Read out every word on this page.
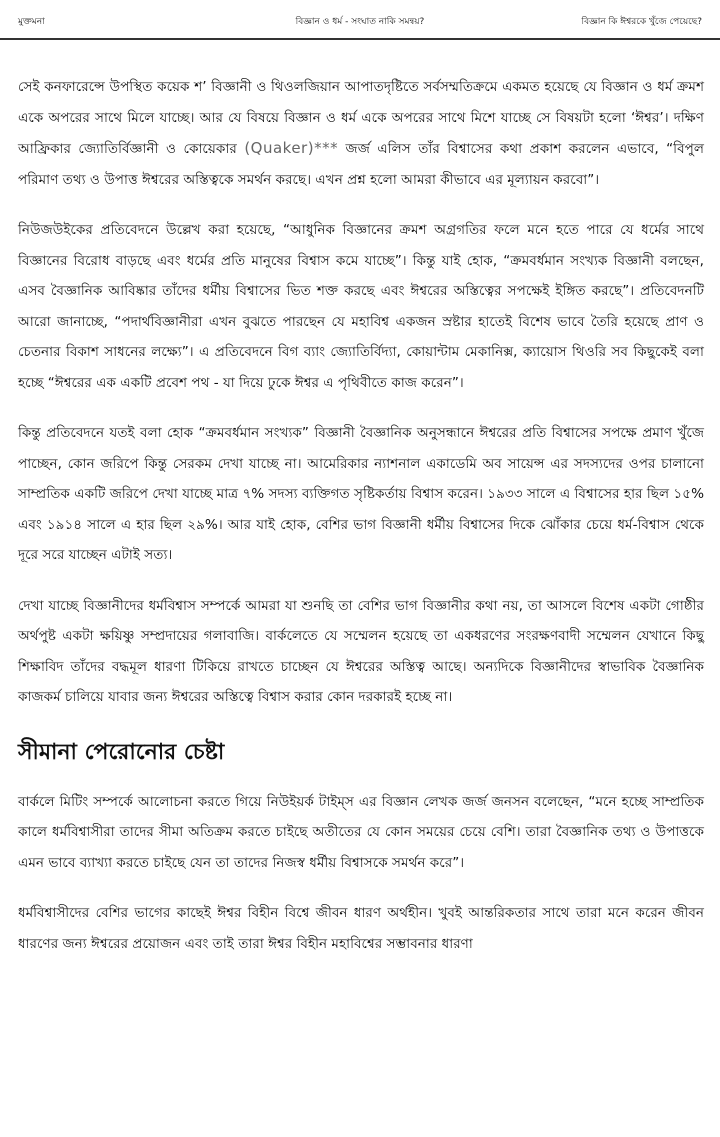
মুক্তমনা	বিজ্ঞান ও ধর্ম - সংঘাত নাকি সমন্বয়?	বিজ্ঞান কি ঈশ্বরকে খুঁজে পেয়েছে?

সেই কনফারেন্সে উপস্থিত কয়েক শ’ বিজ্ঞানী ও থিওলজিয়ান আপাতদৃষ্টিতে সর্বসম্মতিক্রমে একমত হয়েছে যে বিজ্ঞান ও ধর্ম ক্রমশ একে অপরের সাথে মিলে যাচ্ছে। আর যে বিষয়ে বিজ্ঞান ও ধর্ম একে অপরের সাথে মিশে যাচ্ছে সে বিষয়টা হলো ‘ঈশ্বর’। দক্ষিণ আফ্রিকার জ্যোতির্বিজ্ঞানী ও কোয়েকার (Quaker)*** জর্জ এলিস তাঁর বিশ্বাসের কথা প্রকাশ করলেন এভাবে, “বিপুল পরিমাণ তথ্য ও উপাত্ত ঈশ্বরের অস্তিত্বকে সমর্থন করছে। এখন প্রশ্ন হলো আমরা কীভাবে এর মূল্যায়ন করবো”।

নিউজউইকের প্রতিবেদনে উল্লেখ করা হয়েছে, “আধুনিক বিজ্ঞানের ক্রমশ অগ্রগতির ফলে মনে হতে পারে যে ধর্মের সাথে বিজ্ঞানের বিরোধ বাড়ছে এবং ধর্মের প্রতি মানুষের বিশ্বাস কমে যাচ্ছে”। কিন্তু যাই হোক, “ক্রমবর্ধমান সংখ্যক বিজ্ঞানী বলছেন, এসব বৈজ্ঞানিক আবিষ্কার তাঁদের ধর্মীয় বিশ্বাসের ভিত শক্ত করছে এবং ঈশ্বরের অস্তিত্বের সপক্ষেই ইঙ্গিত করছে”। প্রতিবেদনটি আরো জানাচ্ছে, “পদার্থবিজ্ঞানীরা এখন বুঝতে পারছেন যে মহাবিশ্ব একজন স্রষ্টার হাতেই বিশেষ ভাবে তৈরি হয়েছে প্রাণ ও চেতনার বিকাশ সাধনের লক্ষ্যে”। এ প্রতিবেদনে বিগ ব্যাং জ্যোতির্বিদ্যা, কোয়ান্টাম মেকানিক্স, ক্যায়োস থিওরি সব কিছুকেই বলা হচ্ছে “ঈশ্বরের এক একটি প্রবেশ পথ - যা দিয়ে ঢুকে ঈশ্বর এ পৃথিবীতে কাজ করেন”।

কিন্তু প্রতিবেদনে যতই বলা হোক “ক্রমবর্ধমান সংখ্যক” বিজ্ঞানী বৈজ্ঞানিক অনুসন্ধানে ঈশ্বরের প্রতি বিশ্বাসের সপক্ষে প্রমাণ খুঁজে পাচ্ছেন, কোন জরিপে কিন্তু সেরকম দেখা যাচ্ছে না। আমেরিকার ন্যাশনাল একাডেমি অব সায়েন্স এর সদস্যদের ওপর চালানো সাম্প্রতিক একটি জরিপে দেখা যাচ্ছে মাত্র ৭% সদস্য ব্যক্তিগত সৃষ্টিকর্তায় বিশ্বাস করেন। ১৯৩৩ সালে এ বিশ্বাসের হার ছিল ১৫% এবং ১৯১৪ সালে এ হার ছিল ২৯%। আর যাই হোক, বেশির ভাগ বিজ্ঞানী ধর্মীয় বিশ্বাসের দিকে ঝোঁকার চেয়ে ধর্ম-বিশ্বাস থেকে দূরে সরে যাচ্ছেন এটাই সত্য।

দেখা যাচ্ছে বিজ্ঞানীদের ধর্মবিশ্বাস সম্পর্কে আমরা যা শুনছি তা বেশির ভাগ বিজ্ঞানীর কথা নয়, তা আসলে বিশেষ একটা গোষ্ঠীর অর্থপুষ্ট একটা ক্ষয়িষ্ণু সম্প্রদায়ের গলাবাজি। বার্কলেতে যে সম্মেলন হয়েছে তা একধরণের সংরক্ষণবাদী সম্মেলন যেখানে কিছু শিক্ষাবিদ তাঁদের বদ্ধমূল ধারণা টিকিয়ে রাখতে চাচ্ছেন যে ঈশ্বরের অস্তিত্ব আছে। অন্যদিকে বিজ্ঞানীদের স্বাভাবিক বৈজ্ঞানিক কাজকর্ম চালিয়ে যাবার জন্য ঈশ্বরের অস্তিত্বে বিশ্বাস করার কোন দরকারই হচ্ছে না।

সীমানা পেরোনোর চেষ্টা

বার্কলে মিটিং সম্পর্কে আলোচনা করতে গিয়ে নিউইয়র্ক টাইম্‌স এর বিজ্ঞান লেখক জর্জ জনসন বলেছেন, “মনে হচ্ছে সাম্প্রতিক কালে ধর্মবিশ্বাসীরা তাদের সীমা অতিক্রম করতে চাইছে অতীতের যে কোন সময়ের চেয়ে বেশি। তারা বৈজ্ঞানিক তথ্য ও উপাত্তকে এমন ভাবে ব্যাখ্যা করতে চাইছে যেন তা তাদের নিজস্ব ধর্মীয় বিশ্বাসকে সমর্থন করে”।

ধর্মবিশ্বাসীদের বেশির ভাগের কাছেই ঈশ্বর বিহীন বিশ্বে জীবন ধারণ অর্থহীন। খুবই আন্তরিকতার সাথে তারা মনে করেন জীবন ধারণের জন্য ঈশ্বরের প্রয়োজন এবং তাই তারা ঈশ্বর বিহীন মহাবিশ্বের সম্ভাবনার ধারণা
